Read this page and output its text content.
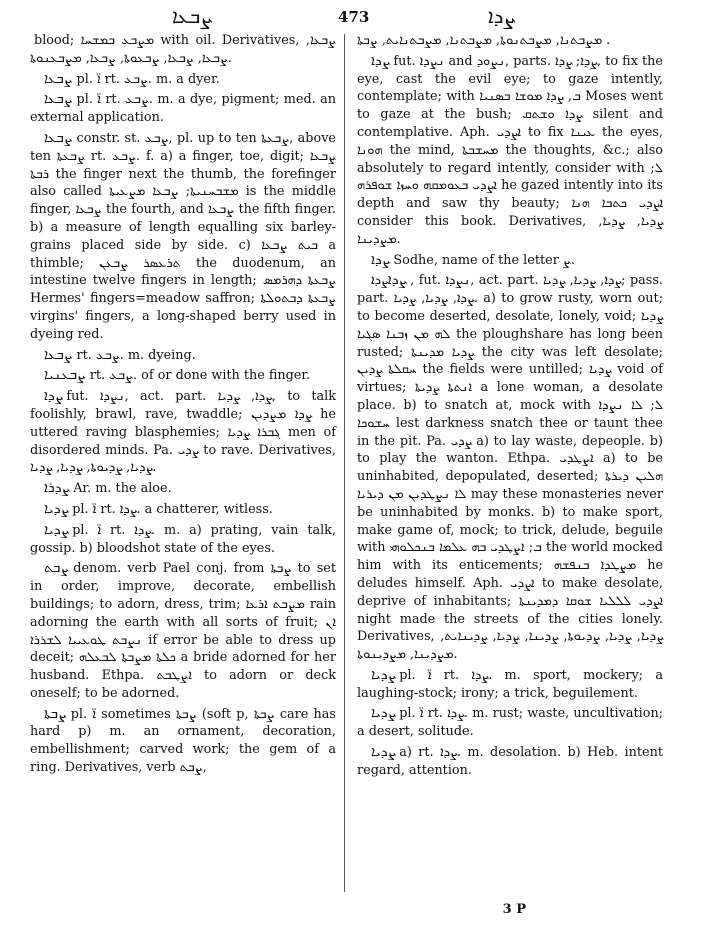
ܨܒܥܐ	473	ܨܕܐ

blood; ܡܨܒܥ ܒܡܫܚܐ with oil. Derivatives, ܨܒܥܐ, ܨܒܥܐ, ܨܒܥܐ, ܨܒܥܘܬܐ, ܨܒܥܐ, ܡܨܒܥܢܘܬܐ.

ܨܒܥܐ pl. ܐ̈ rt. ܨܒܥ. m. a dyer.

ܨܒܥܐ pl. ܐ̈ rt. ܨܒܥ. m. a dye, pigment; med. an external application.

ܨܒܥܐ constr. st. ܨܒܥ, pl. up to ten ܨܒܥܬܐ, above ten ܨܒܥܬܐ rt. ܨܒܥ. f. a) a finger, toe, digit; ܨܒܥܐ ܪܒܬܐ the finger next the thumb, the forefinger also called ܡܫܒܚܢܝܬܐ; ܨܒܥܐ ܡܨܥܝܬܐ is the middle finger, ܨܒܥܐ the fourth, and ܨܒܥܐ the fifth finger. b) a measure of length equalling six barley-grains placed side by side. c) ܒܝܬ ܨܒܥܐ a thimble; ܬܪܥܣܪ ܨܒܥܢ the duodenum, an intestine twelve fingers in length; ܨܒܥܬܐ ܕܗܪܡܣ Hermes' fingers=meadow saffron; ܨܒܥܬܐ ܕܒܬܘܠܬܐ virgins' fingers, a long-shaped berry used in dyeing red.

ܨܒܥܐ rt. ܨܒܥ. m. dyeing.

ܨܒܥܢܝܐ rt. ܨܒܥ. of or done with the finger.

ܨܕܐ fut. ܢܨܕܐ, act. part. ܨܕܐ, ܨܕܝܐ, to talk foolishly, brawl, rave, twaddle; ܨܕܐ ܡܨܕܝܢ he uttered raving blasphemies; ܓܒܪܐ ܨܕܝܐ men of disordered minds. Pa. ܨܕܝ to rave. Derivatives, ܨܕܝܐ, ܨܕܝܘܬܐ, ܨܕܝܐ, ܨܕܝܐ.

ܨܕܪܐ Ar. m. the aloe.

ܨܕܝܐ pl. ܐ̈ rt. ܨܕܐ. a chatterer, witless.

ܨܕܝܐ pl. ܐ̈ rt. ܨܕܐ. m. a) prating, vain talk, gossip. b) bloodshot state of the eyes.

ܨܒܬ denom. verb Pael conj. from ܨܒܬܐ to set in order, improve, decorate, embellish buildings; to adorn, dress, trim; ܡܨܒܬ ܐܪܥܐ rain adorning the earth with all sorts of fruit; ܐܢ ܢܨܒܬ ܛܘܥܝܝܐ ܠܫܪܪܐ if error be able to dress up deceit; ܟܠܬܐ ܡܨܒܬܐ ܠܒܥܠܗ a bride adorned for her husband. Ethpa. ܐܨܛܒܬ to adorn or deck oneself; to be adorned.

ܨܒܬܐ pl. ܐ̈ sometimes ܨܒܬܐ (soft p, ܨܒܬܐ care has hard p) m. an ornament, decoration, embellishment; carved work; the gem of a ring. Derivatives, verb ܨܒܬ,

ܡܨܒܬܢܐ, ܡܨܒܬܢܘܬܐ, ܡܨܒܬܢܐ, ܡܨܒܬܢܐܝܬ, ܨܒܬܐ.

ܨܕܐ fut. ܢܨܕܐ and ܢܨܘܕ, parts. ܨܕܐ; ܨܕܐ, to fix the eye, cast the evil eye; to gaze intently, contemplate; with ܒ, ܨܕܐ ܡܘܫܐ ܒܣܢܝܐ Moses went to gaze at the bush; ܨܕܐ ܘܫܬܩ silent and contemplative. Aph. ܐܨܕܝ to fix ܥܝܢܐ the eyes, ܗܘܢܐ the mind, ܡܚܫܒܬܐ the thoughts, &c.; also absolutely to regard intently, consider with ܠ; ܐܨܕܝ ܒܥܘܡܩܗ ܘܚܙܐ ܫܘܦܪܗ he gazed intently into its depth and saw thy beauty; ܐܨܕܝ ܟܬܒܐ ܗܢܐ consider this book. Derivatives, ܨܕܝܐ, ܨܕܝܐ, ܡܨܕܝܢܐ.

ܨܕܐ Sodhe, name of the letter ܨ.

ܨܕܐܨܕܐ, fut. ܢܨܕܐ, act. part. ܨܕܐ, ܨܕܝܐ, ܨܕܝܐ; pass. part. ܨܕܐ, ܨܕܝܐ, ܨܕܝܐ. a) to grow rusty, worn out; to become deserted, desolate, lonely, void; ܨܕܝܐ ܠܗ ܡܢ ܙܒܢܐ ܣܓܝܐ the ploughshare has long been rusted; ܨܕܝܐ ܡܕܝܢܬܐ the city was left desolate; ܚܩܠܬܐ ܨܕܝܢ the fields were untilled; ܨܕܝܐ void of virtues; ܐܢܬܬܐ ܨܕܝܬܐ a lone woman, a desolate place. b) to snatch at, mock with ܠ; ܠܐ ܢܨܕܐ ܚܫܘܟܐ lest darkness snatch thee or taunt thee in the pit. Pa. ܨܕܝ a) to lay waste, depeople. b) to play the wanton. Ethpa. ܐܨܛܕܝ a) to be uninhabited, depopulated, deserted; ܗܠܝܢ ܕܝܪܬܐ ܠܐ ܢܨܛܕܝܢ ܡܢ ܕܝܪܝܐ may these monasteries never be uninhabited by monks. b) to make sport, make game of, mock; to trick, delude, beguile with ܒ; ܐܨܛܕܝ ܒܗ ܥܠܡܐ ܒܢܟܠܘܗܝ the world mocked him with its enticements; ܡܨܛܕܐ ܒܢܦܫܗ he deludes himself. Aph. ܐܨܕܝ to make desolate, deprive of inhabitants; ܐܨܕܝ ܠܠܠܝܐ ܫܘܩܐ ܕܡܕܝܢܬܐ night made the streets of the cities lonely. Derivatives, ܨܕܝܐ, ܨܕܝܐ, ܨܕܝܘܬܐ, ܨܕܝܢܐ, ܨܕܝܐ, ܨܕܝܢܐܝܬ, ܡܨܕܝܢܐ, ܡܨܕܝܢܘܬܐ.

ܨܕܝܐ pl. ܐ̈ rt. ܨܕܐ. m. sport, mockery; a laughing-stock; irony; a trick, beguilement.

ܨܕܝܐ pl. ܐ̈ rt. ܨܕܐ. m. rust; waste, uncultivation; a desert, solitude.

ܨܕܝܐ a) rt. ܨܕܐ. m. desolation. b) Heb. intent regard, attention.

3 P
